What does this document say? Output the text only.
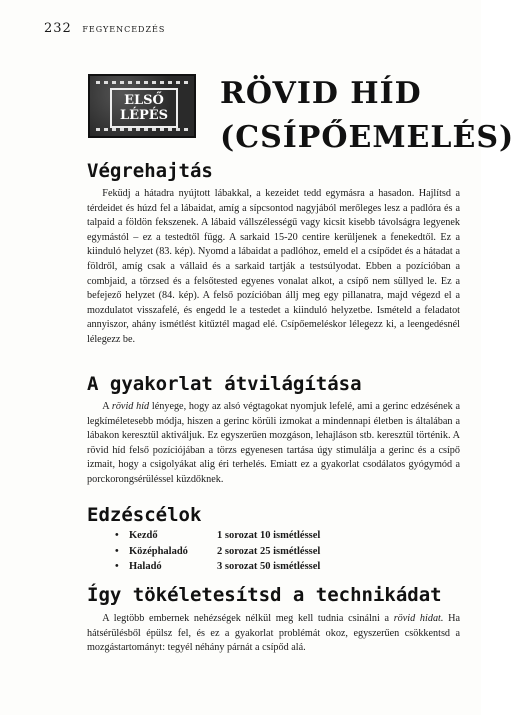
232 FEGYENCEDZÉS
ELSŐ
LÉPÉS
RÖVID HÍD
(CSÍPŐEMELÉS)
Végrehajtás

Feküdj a hátadra nyújtott lábakkal, a kezeidet tedd egymásra a hasadon. Hajlítsd a térdeidet és húzd fel a lábaidat, amíg a sípcsontod nagyjából merőleges lesz a padlóra és a talpaid a földön fekszenek. A lábaid vállszélességű vagy kicsit kisebb távolságra legyenek egymástól – ez a testedtől függ. A sarkaid 15-20 centire kerüljenek a fenekedtől. Ez a kiinduló helyzet (83. kép). Nyomd a lábaidat a padlóhoz, emeld el a csípődet és a hátadat a földről, amíg csak a vállaid és a sarkaid tartják a testsúlyodat. Ebben a pozícióban a combjaid, a törzsed és a felsőtested egyenes vonalat alkot, a csípő nem süllyed le. Ez a befejező helyzet (84. kép). A felső pozícióban állj meg egy pillanatra, majd végezd el a mozdulatot visszafelé, és engedd le a testedet a kiinduló helyzetbe. Ismételd a feladatot annyiszor, ahány ismétlést kitűztél magad elé. Csípőemeléskor lélegezz ki, a leengedésnél lélegezz be.

A gyakorlat átvilágítása

A rövid híd lényege, hogy az alsó végtagokat nyomjuk lefelé, ami a gerinc edzésének a legkíméletesebb módja, hiszen a gerinc körüli izmokat a mindennapi életben is általában a lábakon keresztül aktiváljuk. Ez egyszerűen mozgáson, lehajláson stb. keresztül történik. A rövid híd felső pozíciójában a törzs egyenesen tartása úgy stimulálja a gerinc és a csípő izmait, hogy a csigolyákat alig éri terhelés. Emiatt ez a gyakorlat csodálatos gyógymód a porckorongsérüléssel küzdőknek.

Edzéscélok
• Kezdő	1 sorozat 10 ismétléssel
• Középhaladó	2 sorozat 25 ismétléssel
• Haladó	3 sorozat 50 ismétléssel
Így tökéletesítsd a technikádat

A legtöbb embernek nehézségek nélkül meg kell tudnia csinálni a rövid hidat. Ha hátsérülésből épülsz fel, és ez a gyakorlat problémát okoz, egyszerűen csökkentsd a mozgástartományt: tegyél néhány párnát a csípőd alá.
